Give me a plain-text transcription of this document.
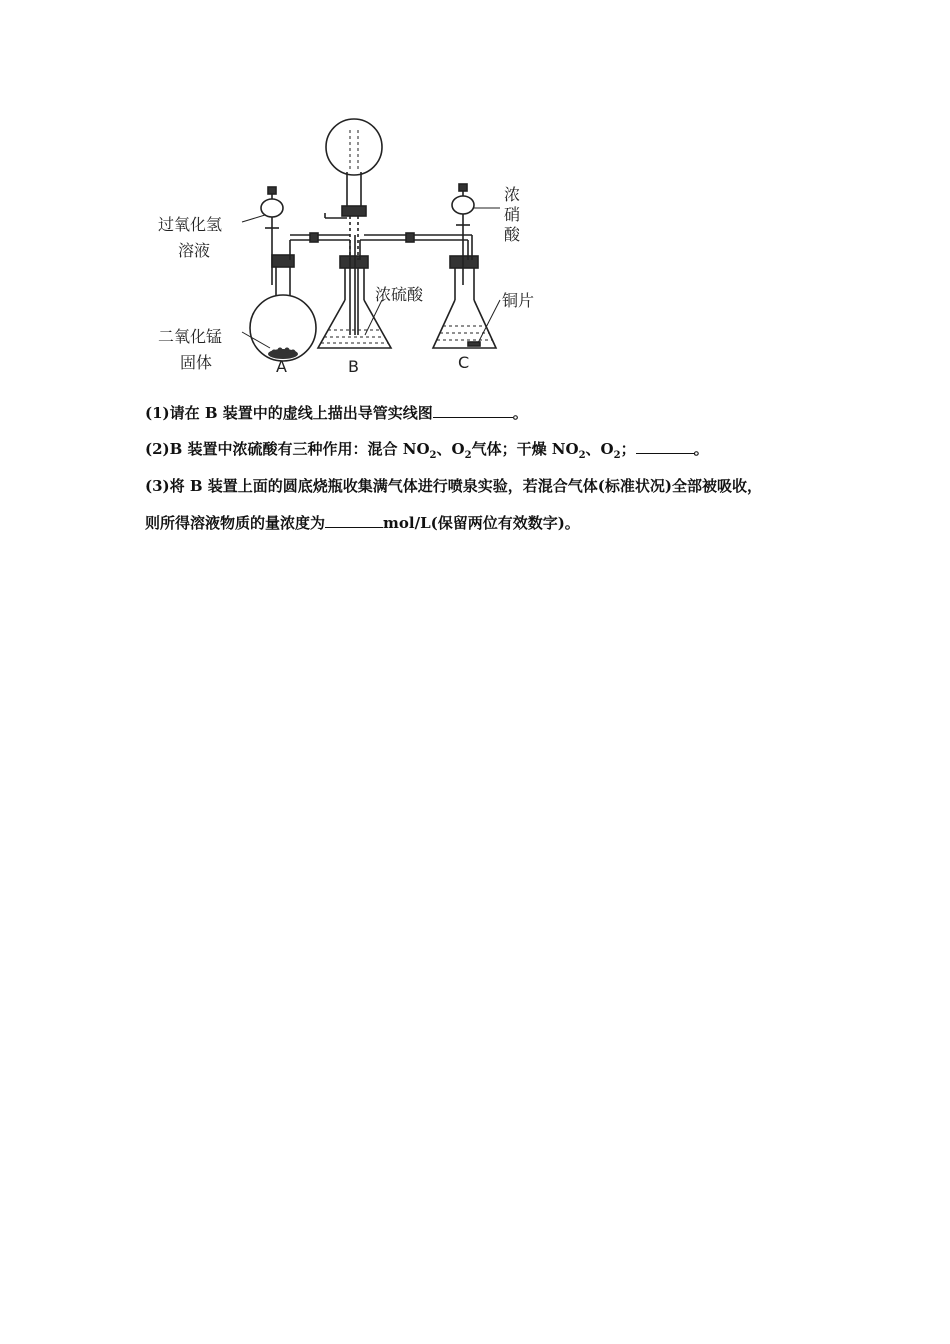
过氧化氢
溶液
二氧化锰
固体
浓硫酸
浓
硝
酸
铜片
A	B	C
(1)请在 B 装置中的虚线上描出导管实线图	。
(2)B 装置中浓硫酸有三种作用：混合 $NO_2$、$O_2$气体；干燥 $NO_2$、$O_2$；	。
(3)将 B 装置上面的圆底烧瓶收集满气体进行喷泉实验，若混合气体(标准状况)全部被吸收，
则所得溶液物质的量浓度为	mol/L(保留两位有效数字)。
